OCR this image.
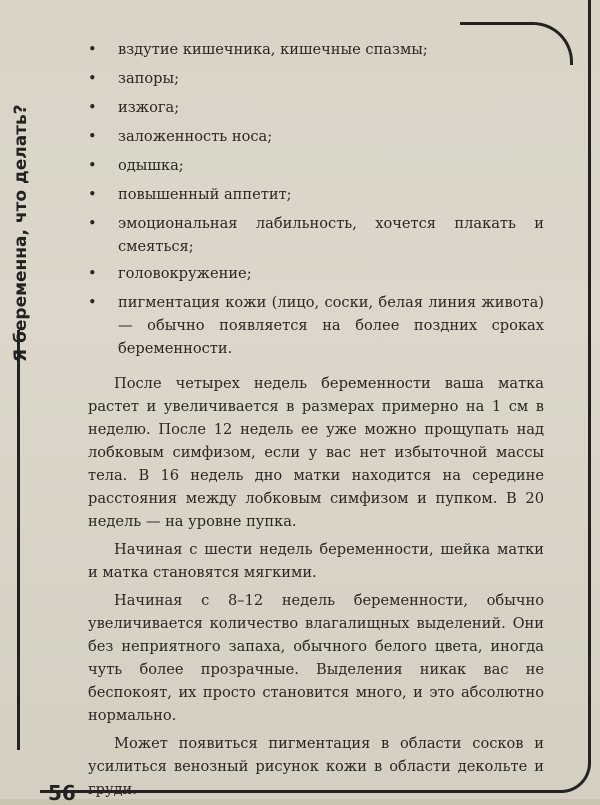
Я беременна, что делать?
• вздутие кишечника, кишечные спазмы;
• запоры;
• изжога;
• заложенность носа;
• одышка;
• повышенный аппетит;
• эмоциональная лабильность, хочется плакать и смеяться;
• головокружение;
• пигментация кожи (лицо, соски, белая линия живота) — обычно появляется на более поздних сроках беременности.

После четырех недель беременности ваша матка растет и увеличивается в размерах примерно на 1 см в неделю. После 12 недель ее уже можно прощупать над лобковым симфизом, если у вас нет избыточной массы тела. В 16 недель дно матки находится на середине расстояния между лобковым симфизом и пупком. В 20 недель — на уровне пупка.

Начиная с шести недель беременности, шейка матки и матка становятся мягкими.

Начиная с 8–12 недель беременности, обычно увеличивается количество влагалищных выделений. Они без неприятного запаха, обычного белого цвета, иногда чуть более прозрачные. Выделения никак вас не беспокоят, их просто становится много, и это абсолютно нормально.

Может появиться пигментация в области сосков и усилиться венозный рисунок кожи в области декольте и груди.

56
